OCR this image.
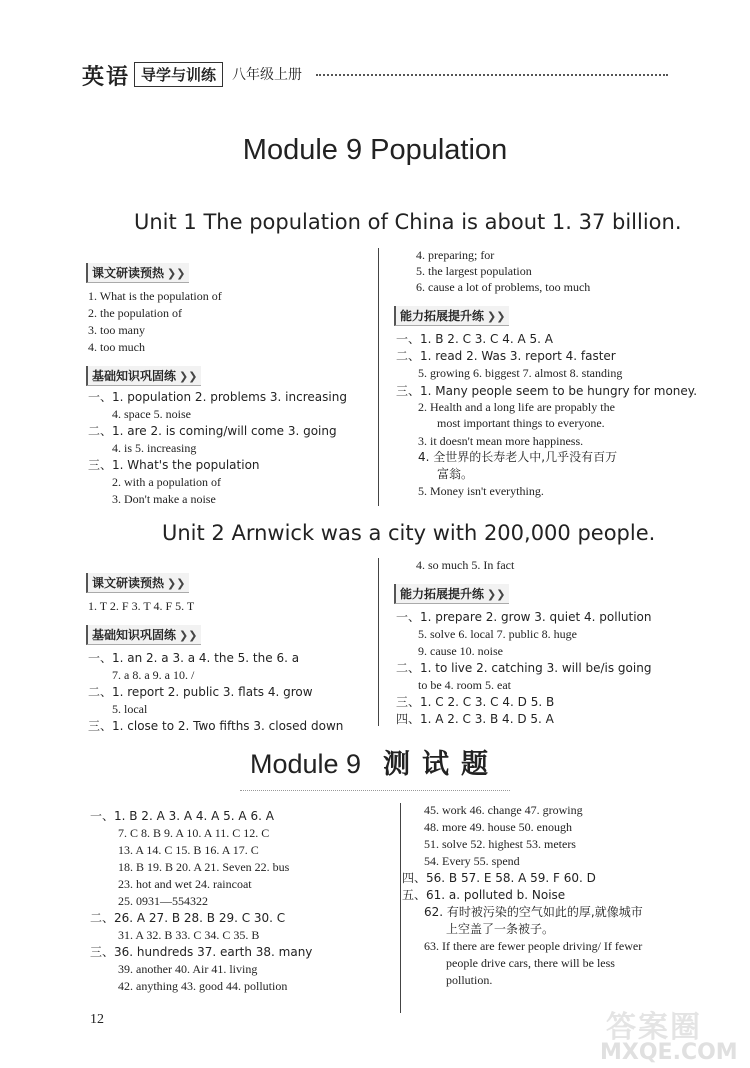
英语 导学与训练	八年级上册
Module 9 Population
Unit 1 The population of China is about 1. 37 billion.
课文研读预热 ❯❯
1. What is the population of
2. the population of
3. too many
4. too much
基础知识巩固练 ❯❯
一、1. population 2. problems 3. increasing
4. space 5. noise
二、1. are 2. is coming/will come 3. going
4. is 5. increasing
三、1. What's the population
2. with a population of
3. Don't make a noise
4. preparing; for
5. the largest population
6. cause a lot of problems, too much
能力拓展提升练 ❯❯
一、1. B 2. C 3. C 4. A 5. A
二、1. read 2. Was 3. report 4. faster
5. growing 6. biggest 7. almost 8. standing
三、1. Many people seem to be hungry for money.
2. Health and a long life are propably the
most important things to everyone.
3. it doesn't mean more happiness.
4. 全世界的长寿老人中,几乎没有百万
富翁。
5. Money isn't everything.
Unit 2 Arnwick was a city with 200,000 people.
课文研读预热 ❯❯
1. T 2. F 3. T 4. F 5. T
基础知识巩固练 ❯❯
一、1. an 2. a 3. a 4. the 5. the 6. a
7. a 8. a 9. a 10. /
二、1. report 2. public 3. flats 4. grow
5. local
三、1. close to 2. Two fifths 3. closed down
4. so much 5. In fact
能力拓展提升练 ❯❯
一、1. prepare 2. grow 3. quiet 4. pollution
5. solve 6. local 7. public 8. huge
9. cause 10. noise
二、1. to live 2. catching 3. will be/is going
to be 4. room 5. eat
三、1. C 2. C 3. C 4. D 5. B
四、1. A 2. C 3. B 4. D 5. A
Module 9 测试题
一、1. B 2. A 3. A 4. A 5. A 6. A
7. C 8. B 9. A 10. A 11. C 12. C
13. A 14. C 15. B 16. A 17. C
18. B 19. B 20. A 21. Seven 22. bus
23. hot and wet 24. raincoat
25. 0931—554322
二、26. A 27. B 28. B 29. C 30. C
31. A 32. B 33. C 34. C 35. B
三、36. hundreds 37. earth 38. many
39. another 40. Air 41. living
42. anything 43. good 44. pollution
45. work 46. change 47. growing
48. more 49. house 50. enough
51. solve 52. highest 53. meters
54. Every 55. spend
四、56. B 57. E 58. A 59. F 60. D
五、61. a. polluted b. Noise
62. 有时被污染的空气如此的厚,就像城市
上空盖了一条被子。
63. If there are fewer people driving/ If fewer
people drive cars, there will be less
pollution.
12	答案圈
MXQE.COM
